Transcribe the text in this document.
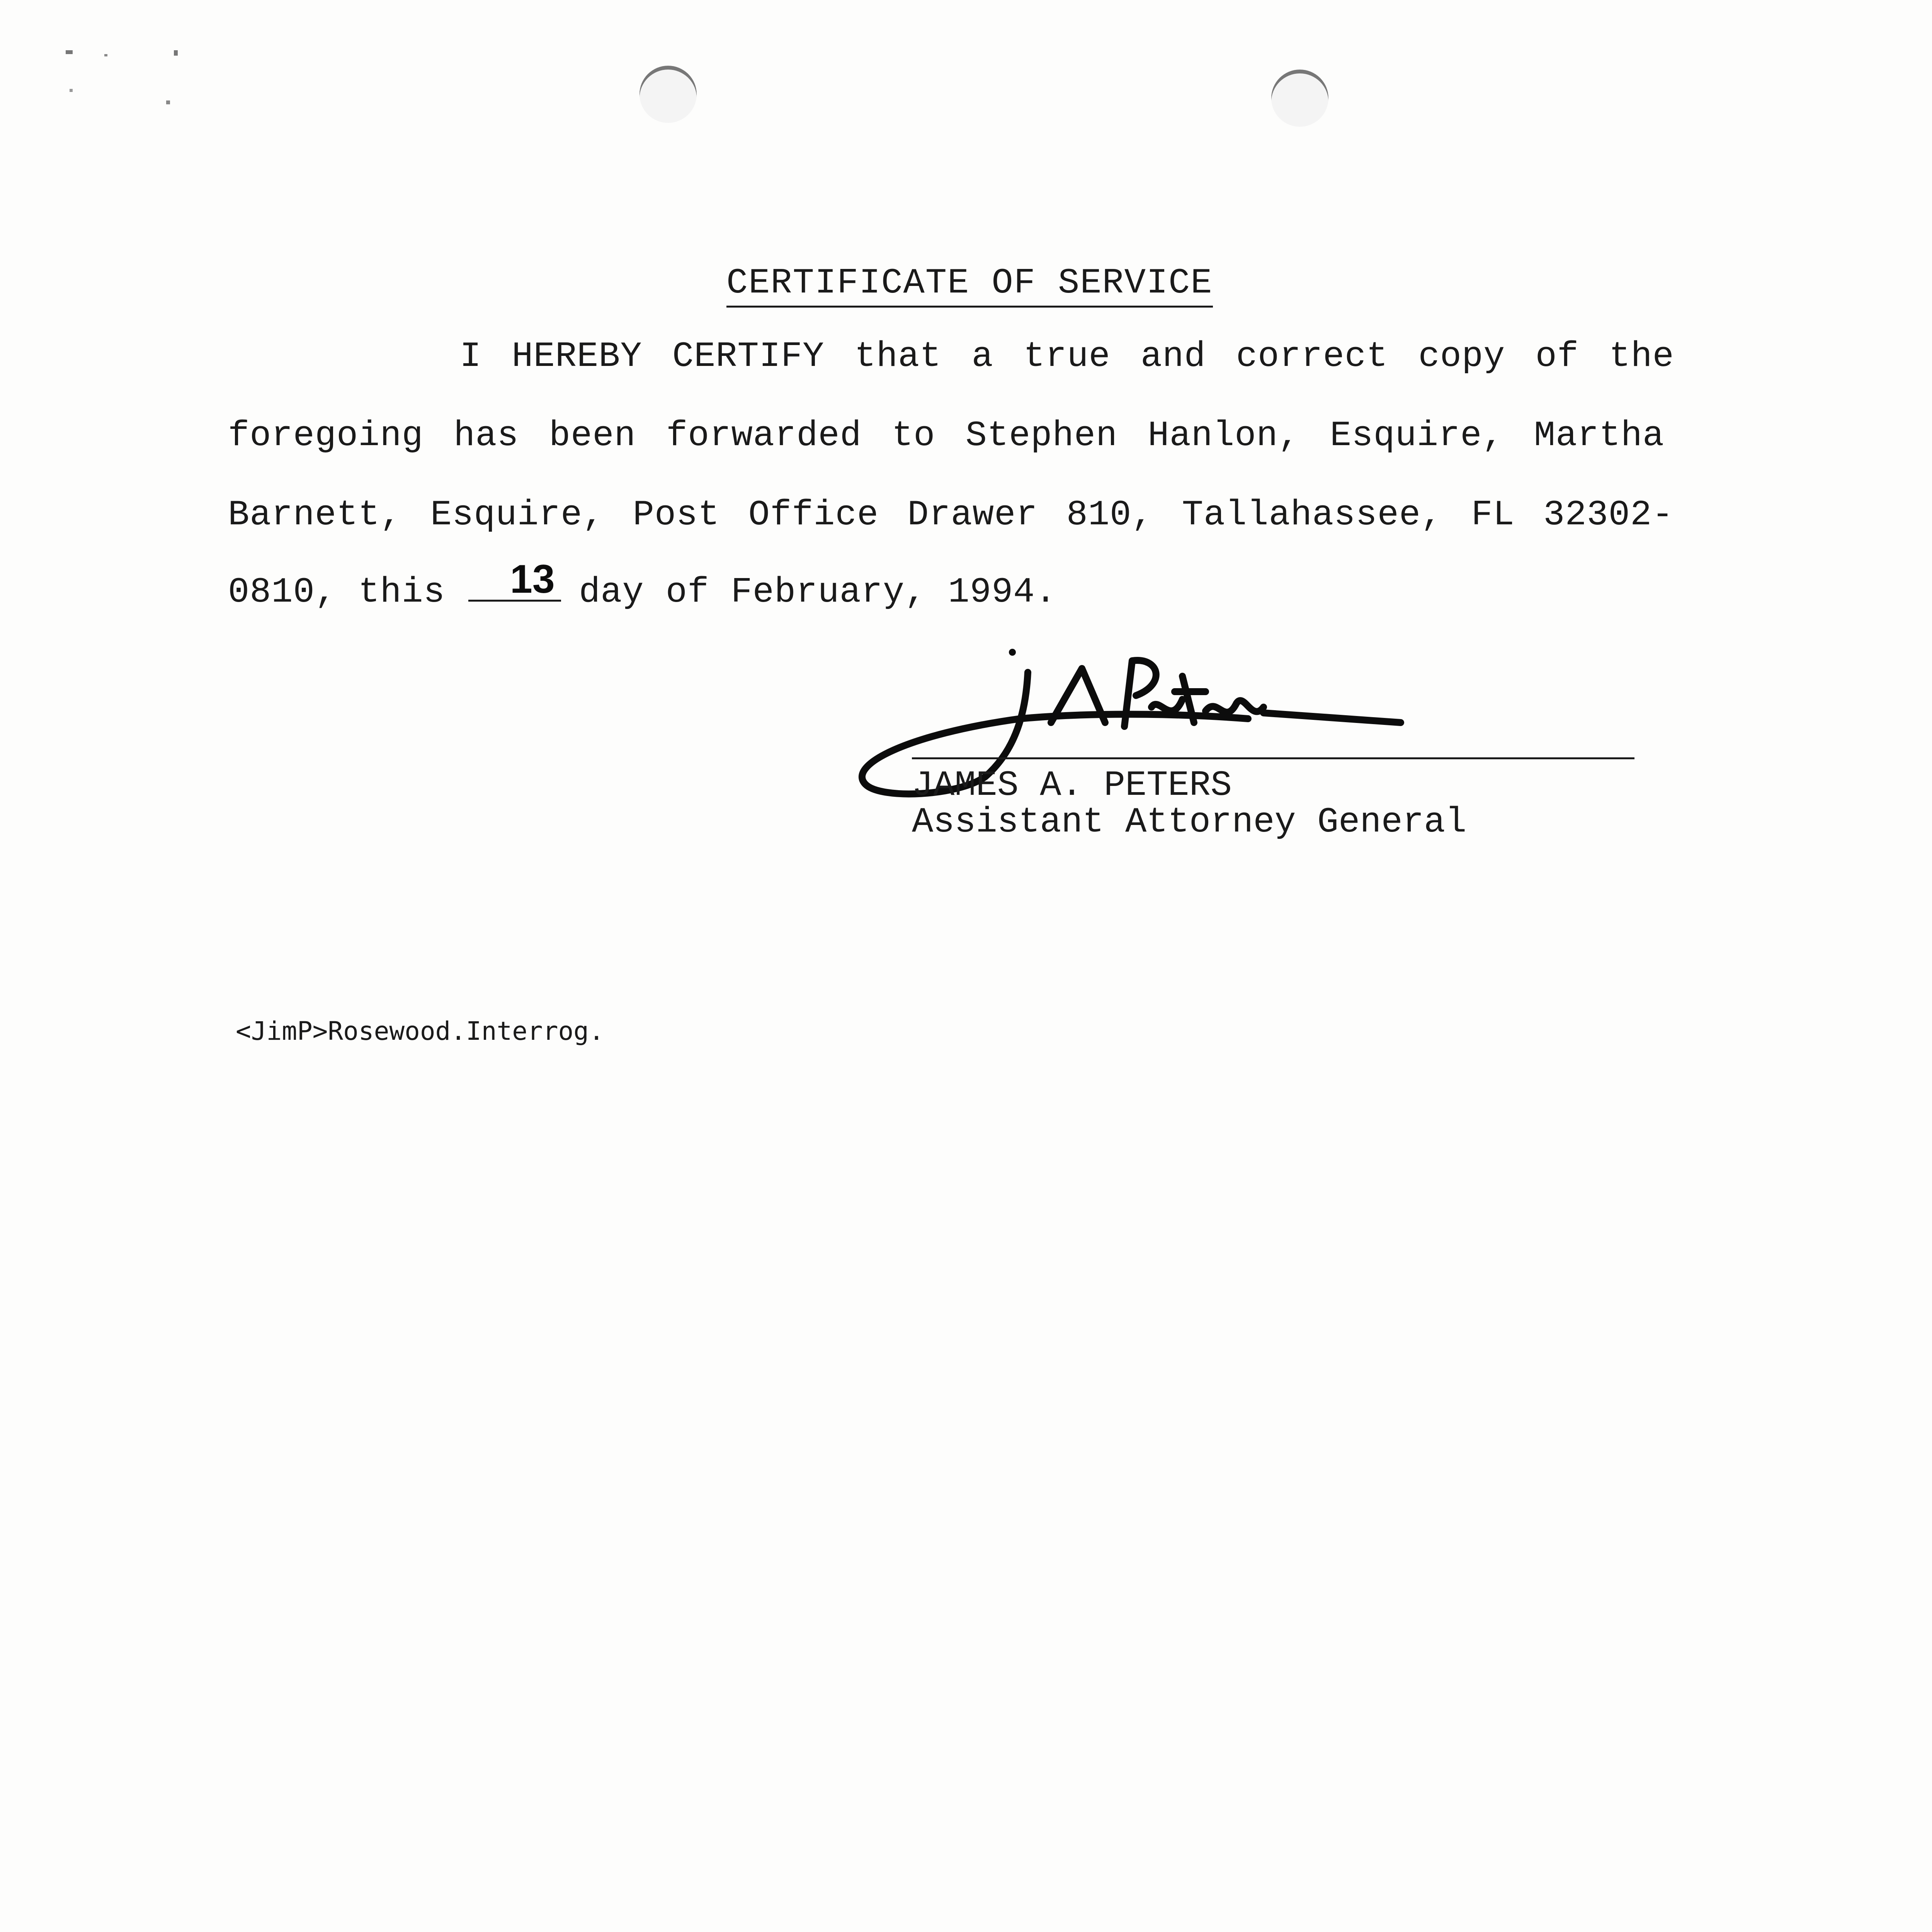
CERTIFICATE OF SERVICE
I HEREBY CERTIFY that a true and correct copy of the
foregoing has been forwarded to Stephen Hanlon, Esquire, Martha
Barnett, Esquire, Post Office Drawer 810, Tallahassee, FL 32302-
0810, this	day of February, 1994.
13
JAMES A. PETERS
Assistant Attorney General
<JimP>Rosewood.Interrog.
